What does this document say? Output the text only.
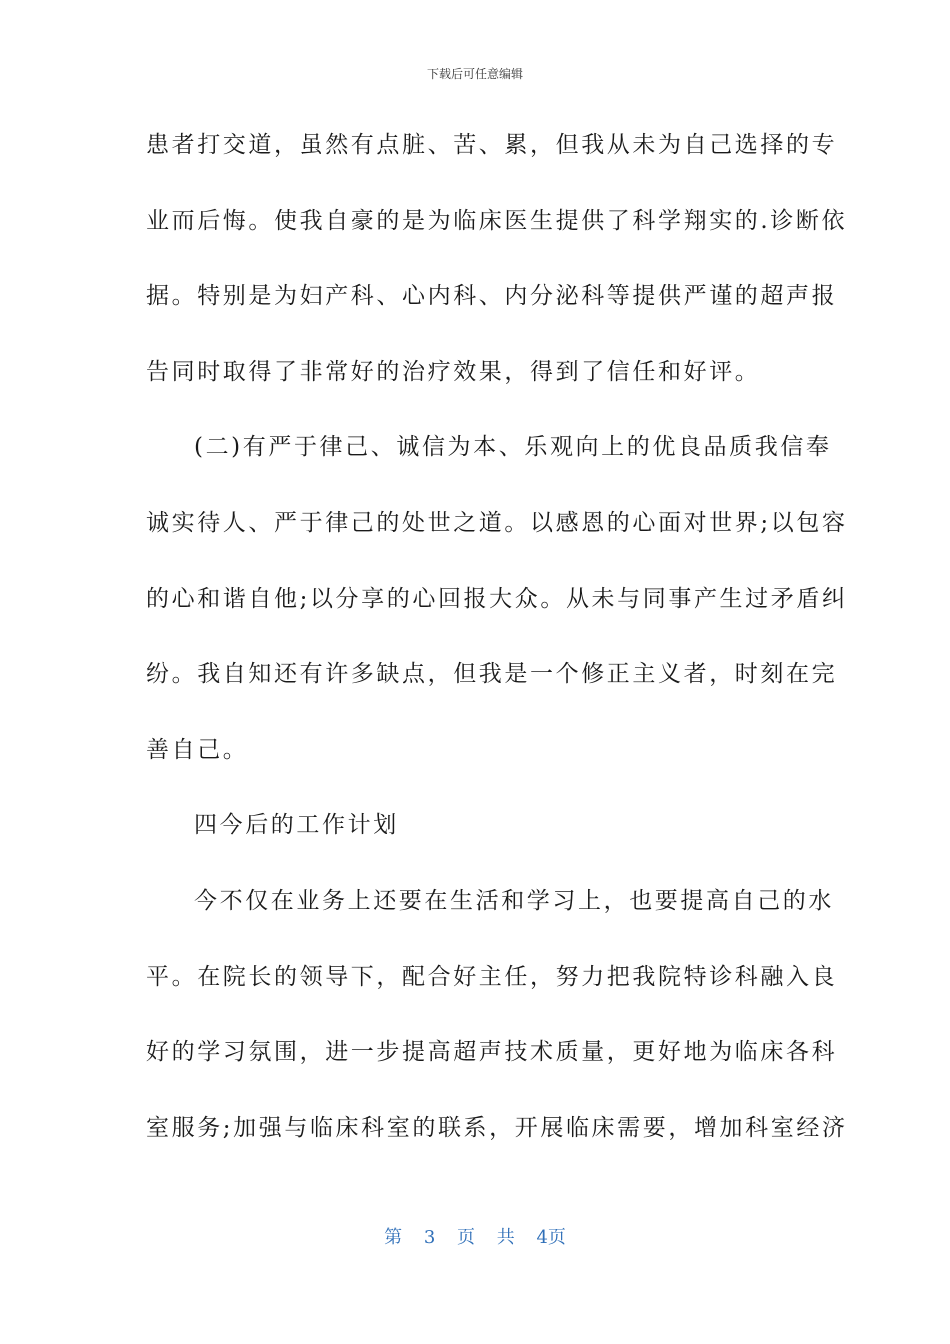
下载后可任意编辑
患者打交道，虽然有点脏、苦、累，但我从未为自己选择的专
业而后悔。使我自豪的是为临床医生提供了科学翔实的.诊断依
据。特别是为妇产科、心内科、内分泌科等提供严谨的超声报
告同时取得了非常好的治疗效果，得到了信任和好评。
(二)有严于律己、诚信为本、乐观向上的优良品质我信奉
诚实待人、严于律己的处世之道。以感恩的心面对世界;以包容
的心和谐自他;以分享的心回报大众。从未与同事产生过矛盾纠
纷。我自知还有许多缺点，但我是一个修正主义者，时刻在完
善自己。
四今后的工作计划
今不仅在业务上还要在生活和学习上，也要提高自己的水
平。在院长的领导下，配合好主任，努力把我院特诊科融入良
好的学习氛围，进一步提高超声技术质量，更好地为临床各科
室服务;加强与临床科室的联系，开展临床需要，增加科室经济
第 3 页 共 4页
